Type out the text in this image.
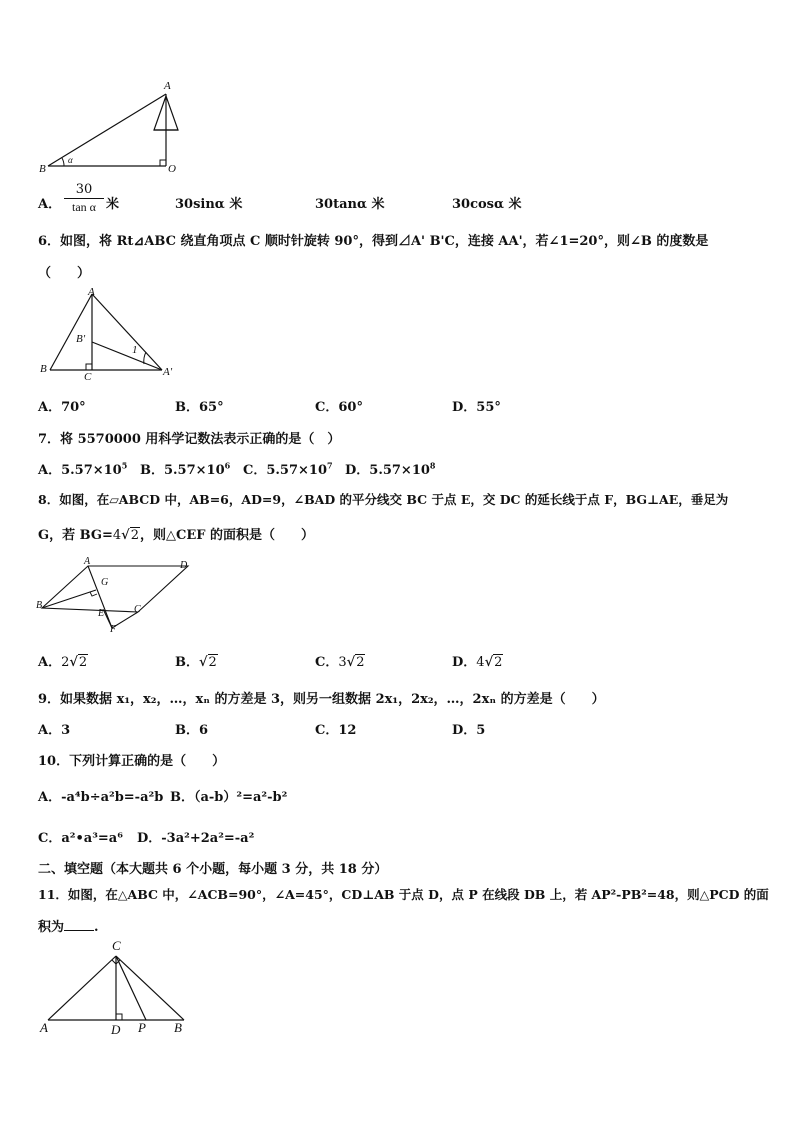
A
B	O
α
A． $\frac{30}{\text{tan α}}$ 米	30sinα 米	30tanα 米	30cosα 米
6．如图，将 Rt⊿ABC 绕直角项点 C 顺时针旋转 90°，得到⊿A' B'C，连接 AA'，若∠1=20°，则∠B 的度数是
（　　）
A
B
B′
C	A′
1
A．70°	B．65°	C．60°	D．55°
7．将 5570000 用科学记数法表示正确的是（　）
A．$5.57\times 10^5$ B．$5.57\times 10^6$ C．$5.57\times 10^7$ D．$5.57\times 10^8$
8．如图，在▱ABCD 中，AB=6，AD=9，∠BAD 的平分线交 BC 于点 E，交 DC 的延长线于点 F，BG⊥AE，垂足为
G，若 BG=4√2，则△CEF 的面积是（　　）
A	D
G
B
E	C
F
A．2√2	B．√2	C．3√2	D．4√2
9．如果数据 x₁，x₂，…，xₙ 的方差是 3，则另一组数据 2x₁，2x₂，…，2xₙ 的方差是（　　）
A．3	B．6	C．12	D．5
10．下列计算正确的是（　　）
A．-a⁴b÷a²b=-a²b B．（a-b）²=a²-b²
C．a²•a³=a⁶ D．-3a²+2a²=-a²
二、填空题（本大题共 6 个小题，每小题 3 分，共 18 分）
11．如图，在△ABC 中，∠ACB=90°，∠A=45°，CD⊥AB 于点 D，点 P 在线段 DB 上，若 AP²-PB²=48，则△PCD 的面
积为 .
C
A	D P B
